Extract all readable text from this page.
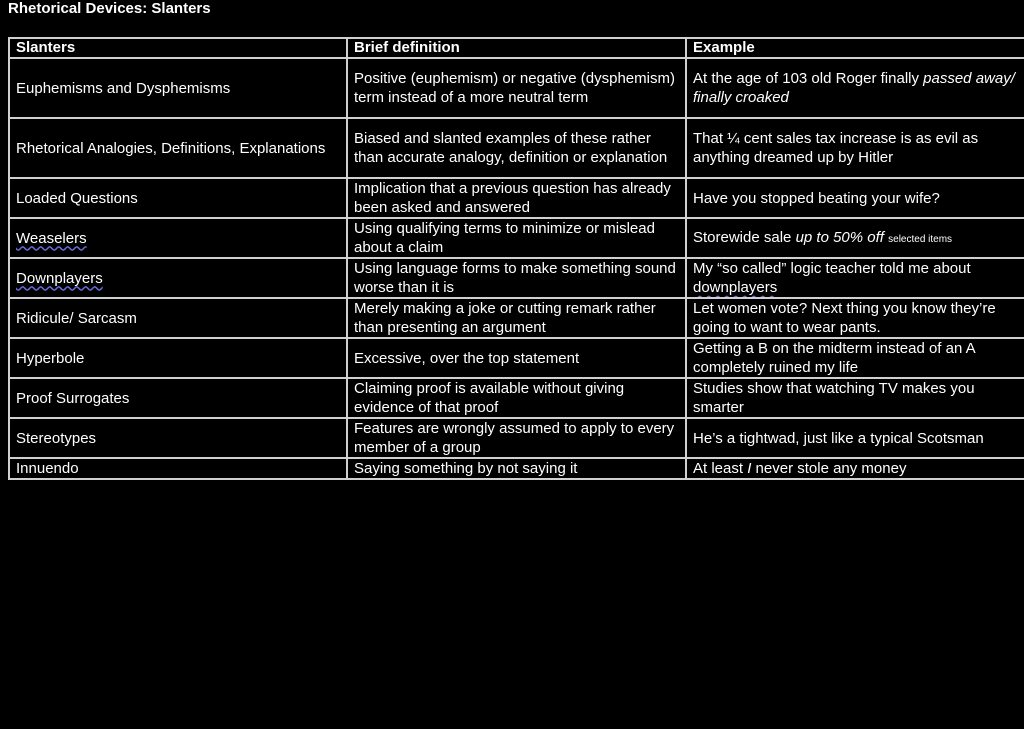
Rhetorical Devices: Slanters
Slanters	Brief definition	Example
Euphemisms and Dysphemisms	Positive (euphemism) or negative (dysphemism) term instead of a more neutral term	At the age of 103 old Roger finally passed away/ finally croaked
Rhetorical Analogies, Definitions, Explanations	Biased and slanted examples of these rather than accurate analogy, definition or explanation	That ¼ cent sales tax increase is as evil as anything dreamed up by Hitler
Loaded Questions	Implication that a previous question has already been asked and answered	Have you stopped beating your wife?
Weaselers	Using qualifying terms to minimize or mislead about a claim	Storewide sale up to 50% off selected items
Downplayers	Using language forms to make something sound worse than it is	My “so called” logic teacher told me about downplayers
Ridicule/ Sarcasm	Merely making a joke or cutting remark rather than presenting an argument	Let women vote? Next thing you know they’re going to want to wear pants.
Hyperbole	Excessive, over the top statement	Getting a B on the midterm instead of an A completely ruined my life
Proof Surrogates	Claiming proof is available without giving evidence of that proof	Studies show that watching TV makes you smarter
Stereotypes	Features are wrongly assumed to apply to every member of a group	He’s a tightwad, just like a typical Scotsman
Innuendo	Saying something by not saying it	At least I never stole any money
